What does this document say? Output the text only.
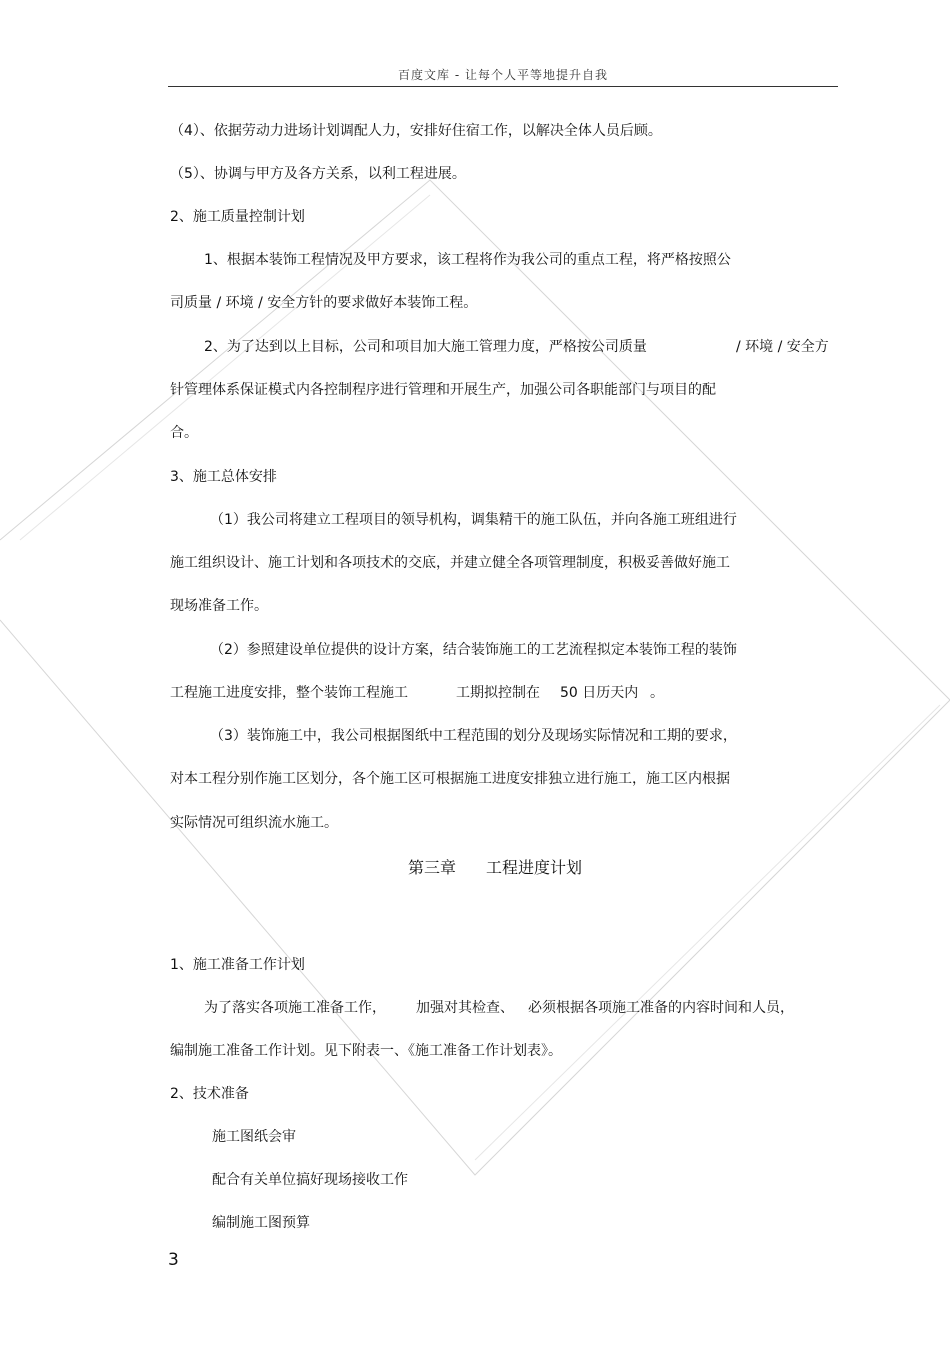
百度文库 - 让每个人平等地提升自我
（4）、依据劳动力进场计划调配人力，安排好住宿工作，以解决全体人员后顾。
（5）、协调与甲方及各方关系，以利工程进展。
2、施工质量控制计划
1、根据本装饰工程情况及甲方要求，该工程将作为我公司的重点工程，将严格按照公
司质量 / 环境 / 安全方针的要求做好本装饰工程。
2、为了达到以上目标，公司和项目加大施工管理力度，严格按公司质量	/ 环境 / 安全方
针管理体系保证模式内各控制程序进行管理和开展生产，加强公司各职能部门与项目的配
合。
3、施工总体安排
（1）我公司将建立工程项目的领导机构，调集精干的施工队伍，并向各施工班组进行
施工组织设计、施工计划和各项技术的交底，并建立健全各项管理制度，积极妥善做好施工
现场准备工作。
（2）参照建设单位提供的设计方案，结合装饰施工的工艺流程拟定本装饰工程的装饰
工程施工进度安排，整个装饰工程施工	工期拟控制在 50 日历天内 。
（3）装饰施工中，我公司根据图纸中工程范围的划分及现场实际情况和工期的要求，
对本工程分别作施工区划分，各个施工区可根据施工进度安排独立进行施工，施工区内根据
实际情况可组织流水施工。
第三章 工程进度计划
1、施工准备工作计划
为了落实各项施工准备工作， 加强对其检查、 必须根据各项施工准备的内容时间和人员，
编制施工准备工作计划。见下附表一、《施工准备工作计划表》。
2、技术准备
施工图纸会审
配合有关单位搞好现场接收工作
编制施工图预算
3
